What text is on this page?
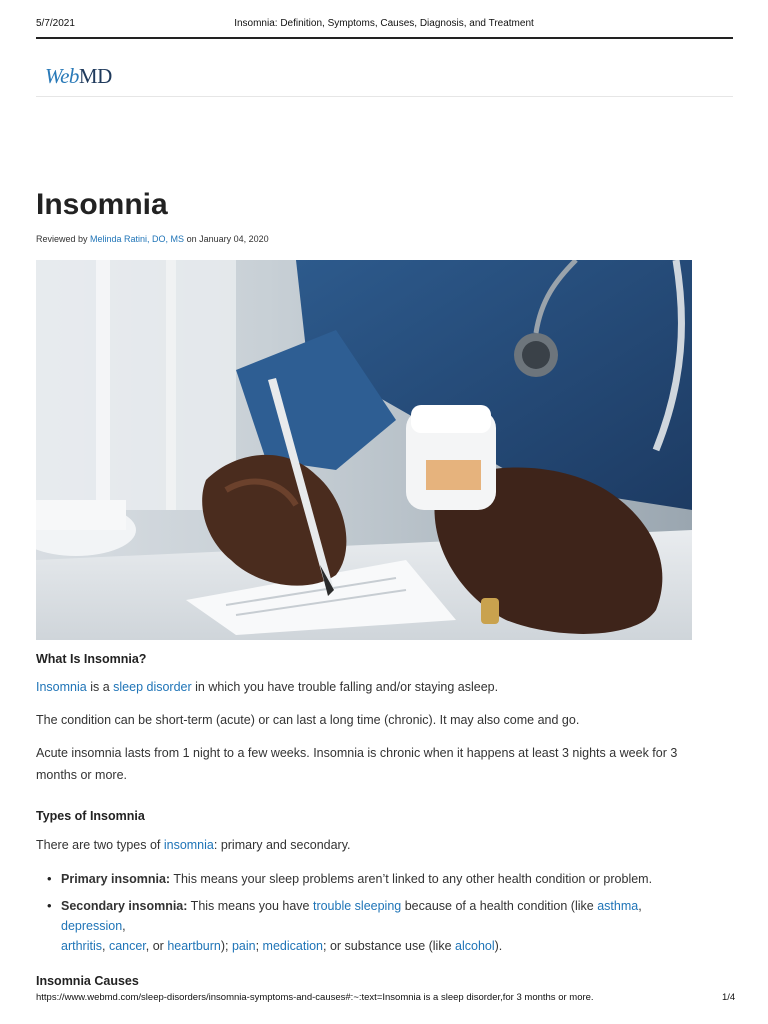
5/7/2021	Insomnia: Definition, Symptoms, Causes, Diagnosis, and Treatment
WebMD
Insomnia
Reviewed by Melinda Ratini, DO, MS on January 04, 2020
What Is Insomnia?

Insomnia is a sleep disorder in which you have trouble falling and/or staying asleep.

The condition can be short-term (acute) or can last a long time (chronic). It may also come and go.

Acute insomnia lasts from 1 night to a few weeks. Insomnia is chronic when it happens at least 3 nights a week for 3 months or more.

Types of Insomnia

There are two types of insomnia: primary and secondary.

• Primary insomnia: This means your sleep problems aren’t linked to any other health condition or problem.
• Secondary insomnia: This means you have trouble sleeping because of a health condition (like asthma, depression,
arthritis, cancer, or heartburn); pain; medication; or substance use (like alcohol).
Insomnia Causes
https://www.webmd.com/sleep-disorders/insomnia-symptoms-and-causes#:~:text=Insomnia is a sleep disorder,for 3 months or more.	1/4
